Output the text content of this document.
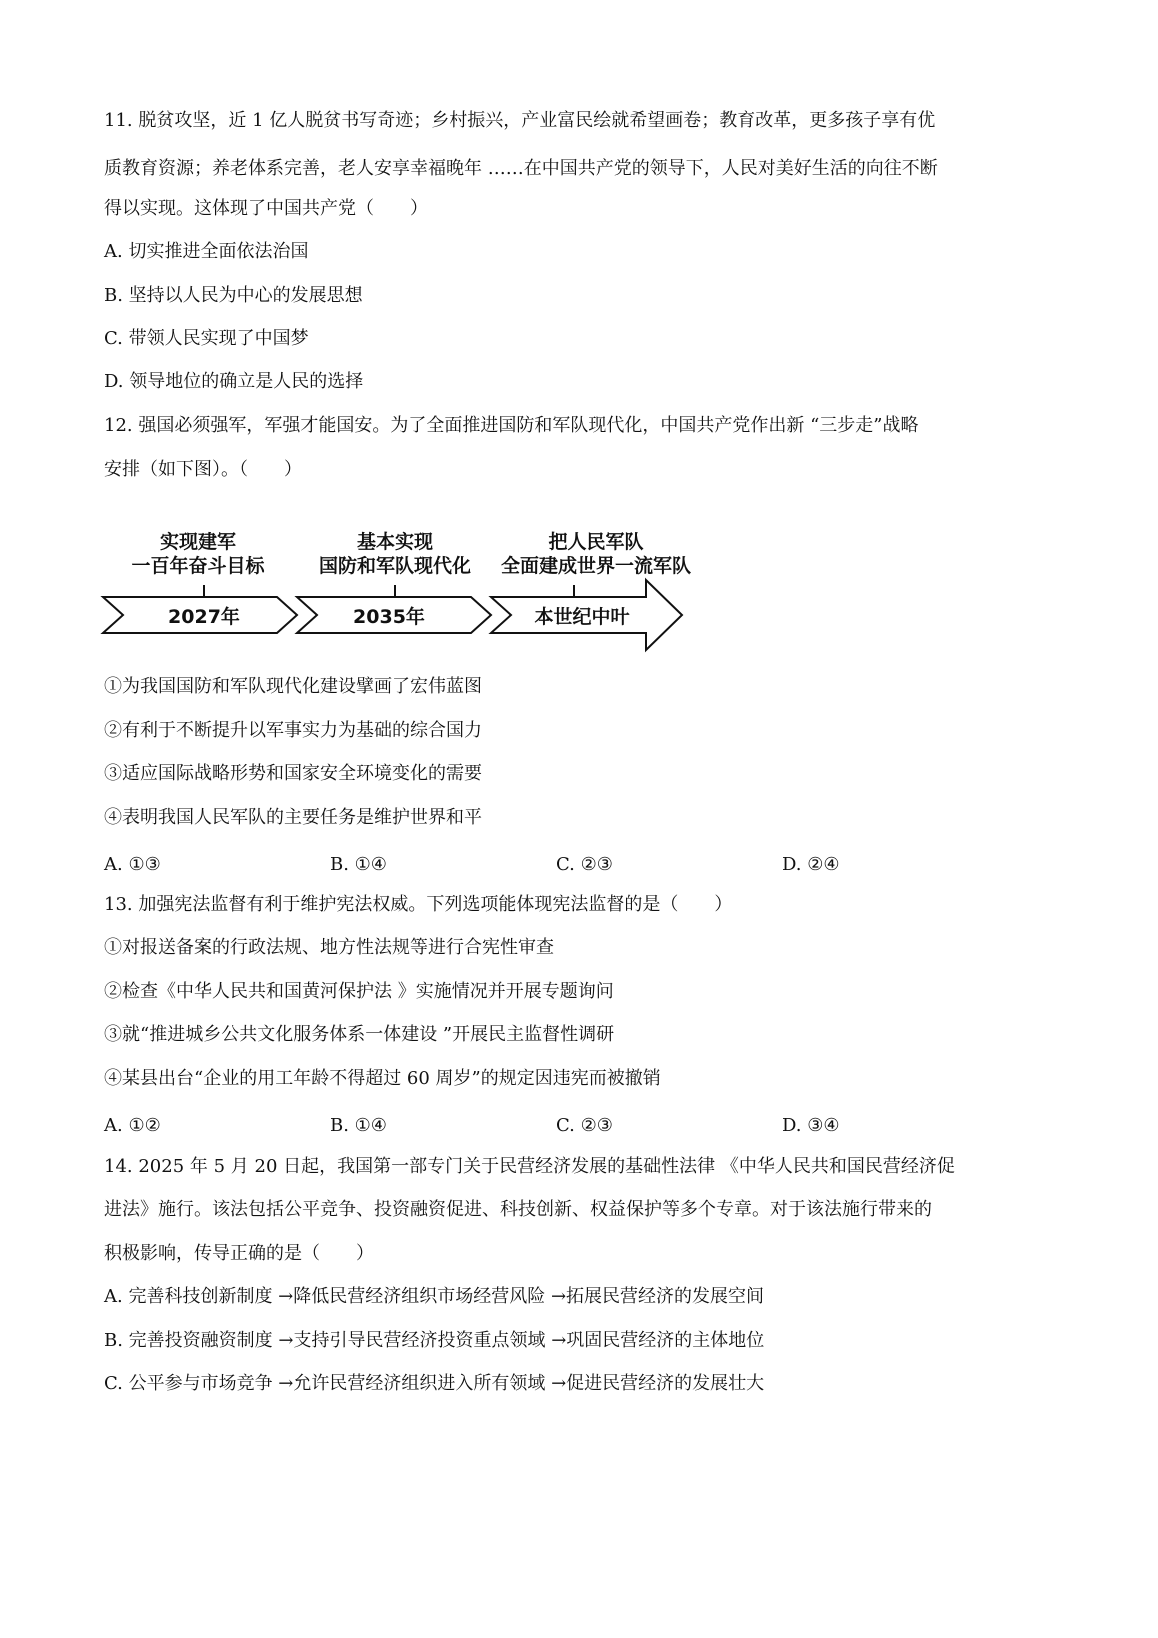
11. 脱贫攻坚，近 1 亿人脱贫书写奇迹；乡村振兴，产业富民绘就希望画卷；教育改革，更多孩子享有优

质教育资源；养老体系完善，老人安享幸福晚年 ……在中国共产党的领导下，人民对美好生活的向往不断

得以实现。这体现了中国共产党（　　）

A. 切实推进全面依法治国

B. 坚持以人民为中心的发展思想

C. 带领人民实现了中国梦

D. 领导地位的确立是人民的选择

12. 强国必须强军，军强才能国安。为了全面推进国防和军队现代化，中国共产党作出新 “三步走”战略

安排（如下图）。（　　）

实现建军
一百年奋斗目标
2027年
基本实现
国防和军队现代化
2035年
把人民军队
全面建成世界一流军队
本世纪中叶

①为我国国防和军队现代化建设擘画了宏伟蓝图

②有利于不断提升以军事实力为基础的综合国力

③适应国际战略形势和国家安全环境变化的需要

④表明我国人民军队的主要任务是维护世界和平

A. ①③	B. ①④	C. ②③	D. ②④

13. 加强宪法监督有利于维护宪法权威。下列选项能体现宪法监督的是（　　）

①对报送备案的行政法规、地方性法规等进行合宪性审查

②检查《中华人民共和国黄河保护法 》实施情况并开展专题询问

③就“推进城乡公共文化服务体系一体建设 ”开展民主监督性调研

④某县出台“企业的用工年龄不得超过 60 周岁”的规定因违宪而被撤销

A. ①②	B. ①④	C. ②③	D. ③④

14. 2025 年 5 月 20 日起，我国第一部专门关于民营经济发展的基础性法律 《中华人民共和国民营经济促

进法》施行。该法包括公平竞争、投资融资促进、科技创新、权益保护等多个专章。对于该法施行带来的

积极影响，传导正确的是（　　）

A. 完善科技创新制度 →降低民营经济组织市场经营风险 →拓展民营经济的发展空间

B. 完善投资融资制度 →支持引导民营经济投资重点领域 →巩固民营经济的主体地位

C. 公平参与市场竞争 →允许民营经济组织进入所有领域 →促进民营经济的发展壮大
